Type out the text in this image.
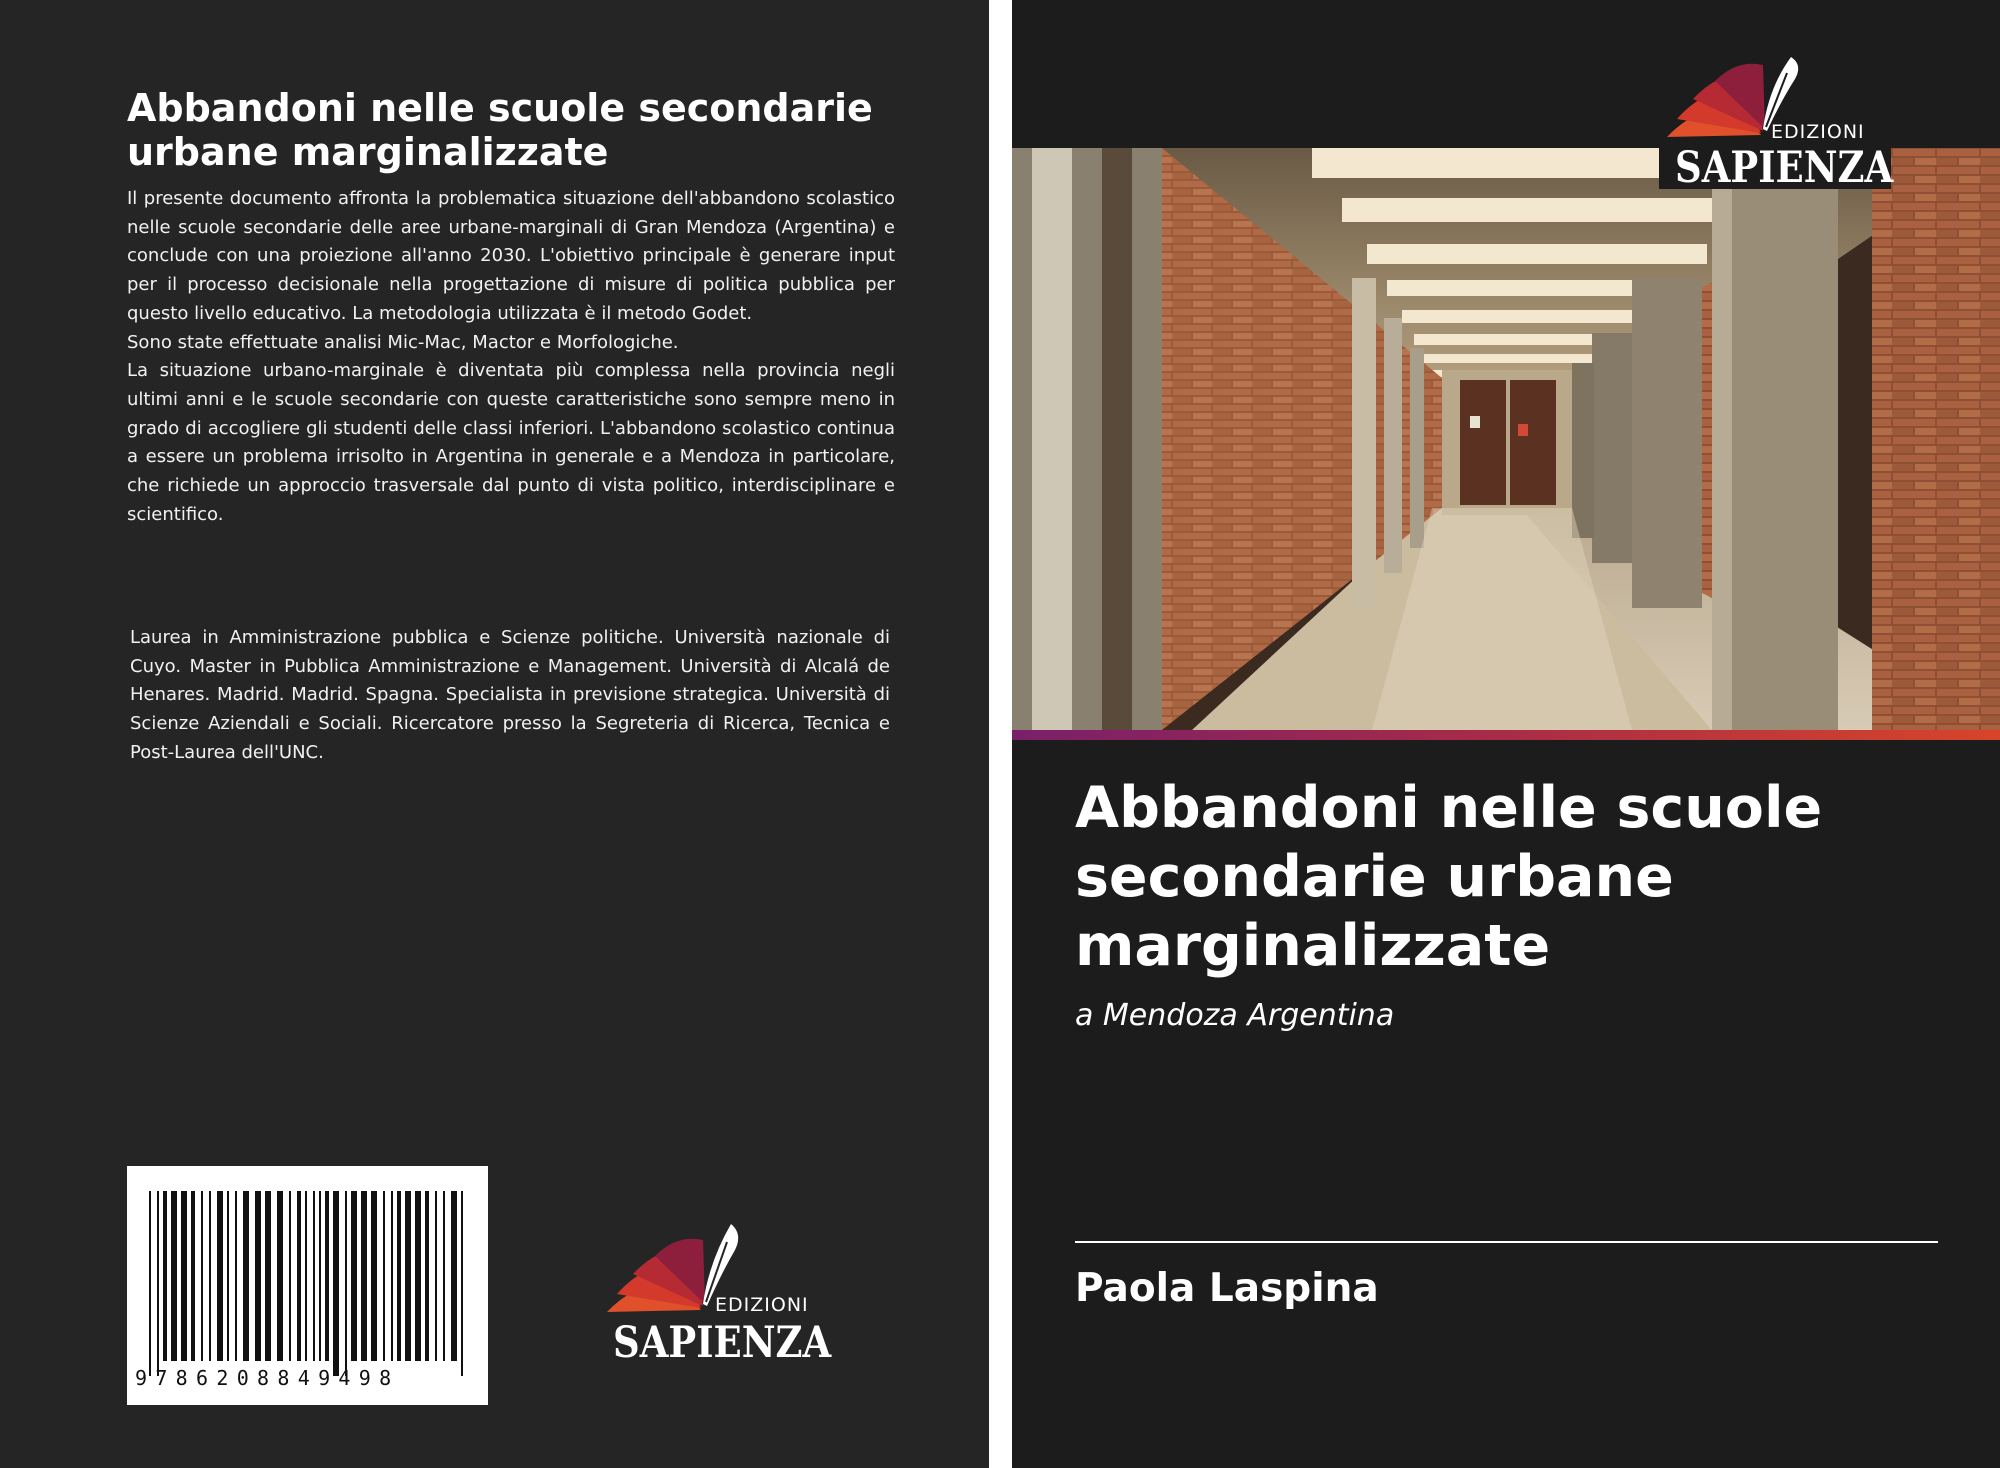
Abbandoni nelle scuole secondarie urbane marginalizzate

Il presente documento affronta la problematica situazione dell'abbandono scolastico nelle scuole secondarie delle aree urbane-marginali di Gran Mendoza (Argentina) e conclude con una proiezione all'anno 2030. L'obiettivo principale è generare input per il processo decisionale nella progettazione di misure di politica pubblica per questo livello educativo. La metodologia utilizzata è il metodo Godet.

Sono state effettuate analisi Mic-Mac, Mactor e Morfologiche.

La situazione urbano-marginale è diventata più complessa nella provincia negli ultimi anni e le scuole secondarie con queste caratteristiche sono sempre meno in grado di accogliere gli studenti delle classi inferiori. L'abbandono scolastico continua a essere un problema irrisolto in Argentina in generale e a Mendoza in particolare, che richiede un approccio trasversale dal punto di vista politico, interdisciplinare e scientifico.

Laurea in Amministrazione pubblica e Scienze politiche. Università nazionale di Cuyo. Master in Pubblica Amministrazione e Management. Università di Alcalá de Henares. Madrid. Madrid. Spagna. Specialista in previsione strategica. Università di Scienze Aziendali e Sociali. Ricercatore presso la Segreteria di Ricerca, Tecnica e Post-Laurea dell'UNC.

9786208849498
EDIZIONI
SAPIENZA
EDIZIONI
SAPIENZA
Abbandoni nelle scuole secondarie urbane marginalizzate

a Mendoza Argentina

Paola Laspina
